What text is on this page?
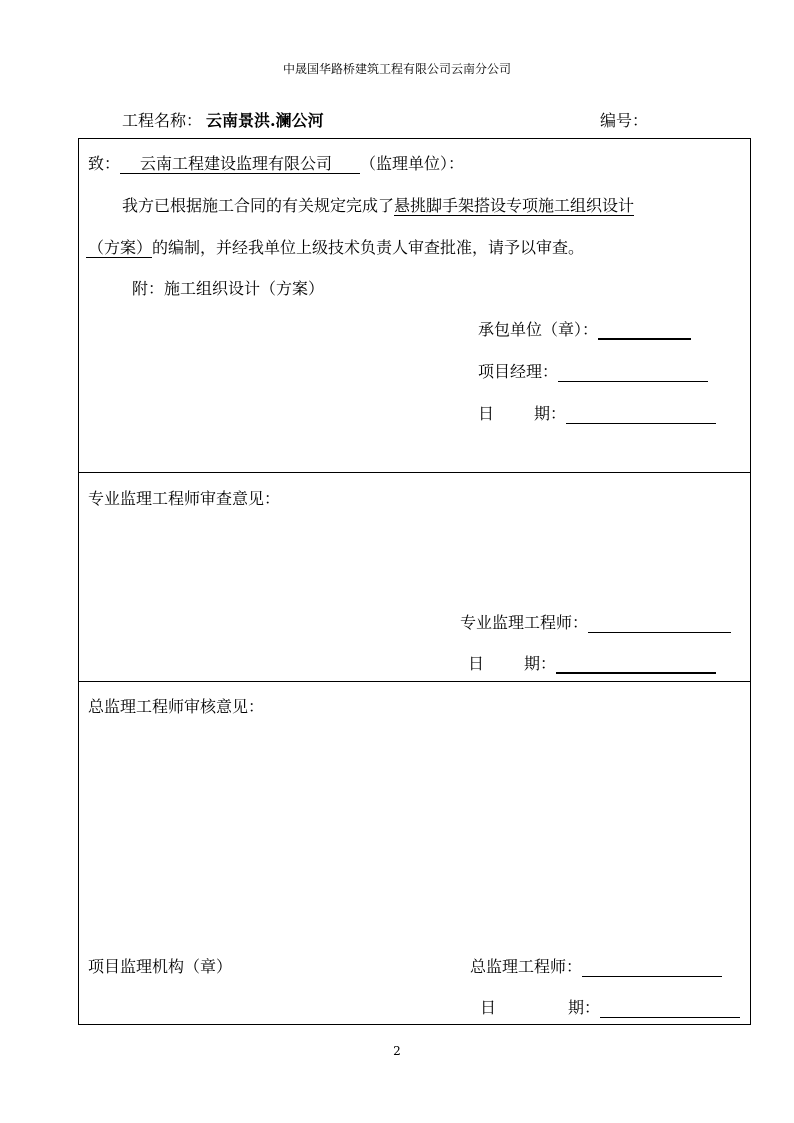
中晟国华路桥建筑工程有限公司云南分公司
工程名称： 云南景洪.澜公河	编号：
致： 云南工程建设监理有限公司 （监理单位）：
我方已根据施工合同的有关规定完成了悬挑脚手架搭设专项施工组织设计
（方案）的编制，并经我单位上级技术负责人审查批准，请予以审查。
附：施工组织设计（方案）
承包单位（章）：
项目经理：
日	期：
专业监理工程师审查意见：
专业监理工程师：
日	期：
总监理工程师审核意见：
项目监理机构（章）	总监理工程师：
日	期：
2
